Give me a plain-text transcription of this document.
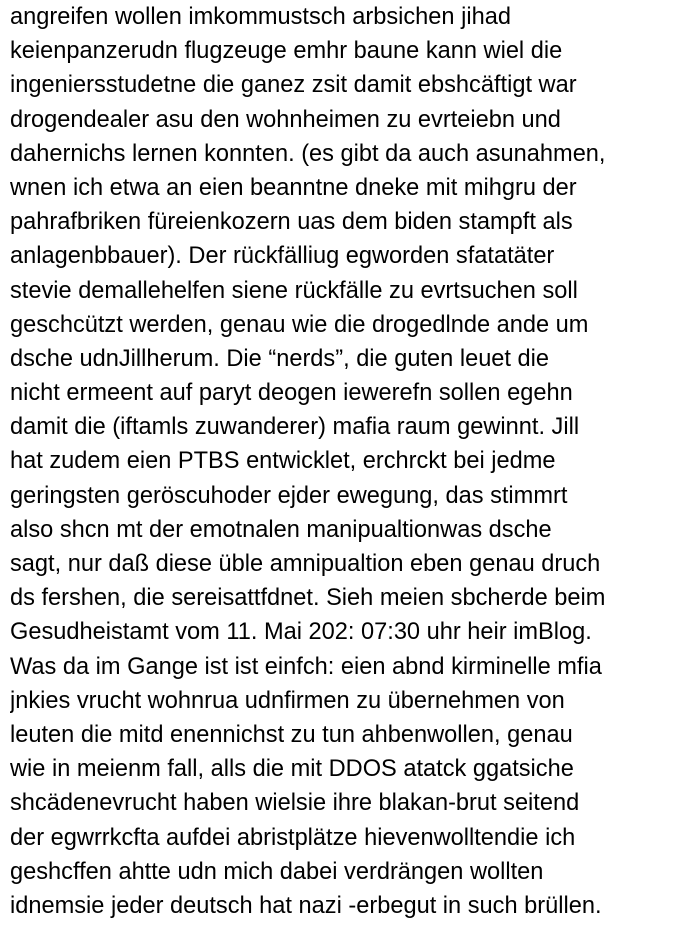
angreifen wollen imkommustsch arbsichen jihad
keienpanzerudn flugzeuge emhr baune kann wiel die
ingeniersstudetne die ganez zsit damit ebshcäftigt war
drogendealer asu den wohnheimen zu evrteiebn und
dahernichs lernen konnten. (es gibt da auch asunahmen,
wnen ich etwa an eien beanntne dneke mit mihgru der
pahrafbriken füreienkozern uas dem biden stampft als
anlagenbbauer). Der rückfälliug egworden sfatatäter
stevie demallehelfen siene rückfälle zu evrtsuchen soll
geschcützt werden, genau wie die drogedlnde ande um
dsche udnJillherum. Die “nerds”, die guten leuet die
nicht ermeent auf paryt deogen iewerefn sollen egehn
damit die (iftamls zuwanderer) mafia raum gewinnt. Jill
hat zudem eien PTBS entwicklet, erchrckt bei jedme
geringsten geröscuhoder ejder ewegung, das stimmrt
also shcn mt der emotnalen manipualtionwas dsche
sagt, nur daß diese üble amnipualtion eben genau druch
ds fershen, die sereisattfdnet. Sieh meien sbcherde beim
Gesudheistamt vom 11. Mai 202: 07:30 uhr heir imBlog.
Was da im Gange ist ist einfch: eien abnd kirminelle mfia
jnkies vrucht wohnrua udnfirmen zu übernehmen von
leuten die mitd enennichst zu tun ahbenwollen, genau
wie in meienm fall, alls die mit DDOS atatck ggatsiche
shcädenevrucht haben wielsie ihre blakan-brut seitend
der egwrrkcfta aufdei abristplätze hievenwolltendie ich
geshcffen ahtte udn mich dabei verdrängen wollten
idnemsie jeder deutsch hat nazi -erbegut in such brüllen.
